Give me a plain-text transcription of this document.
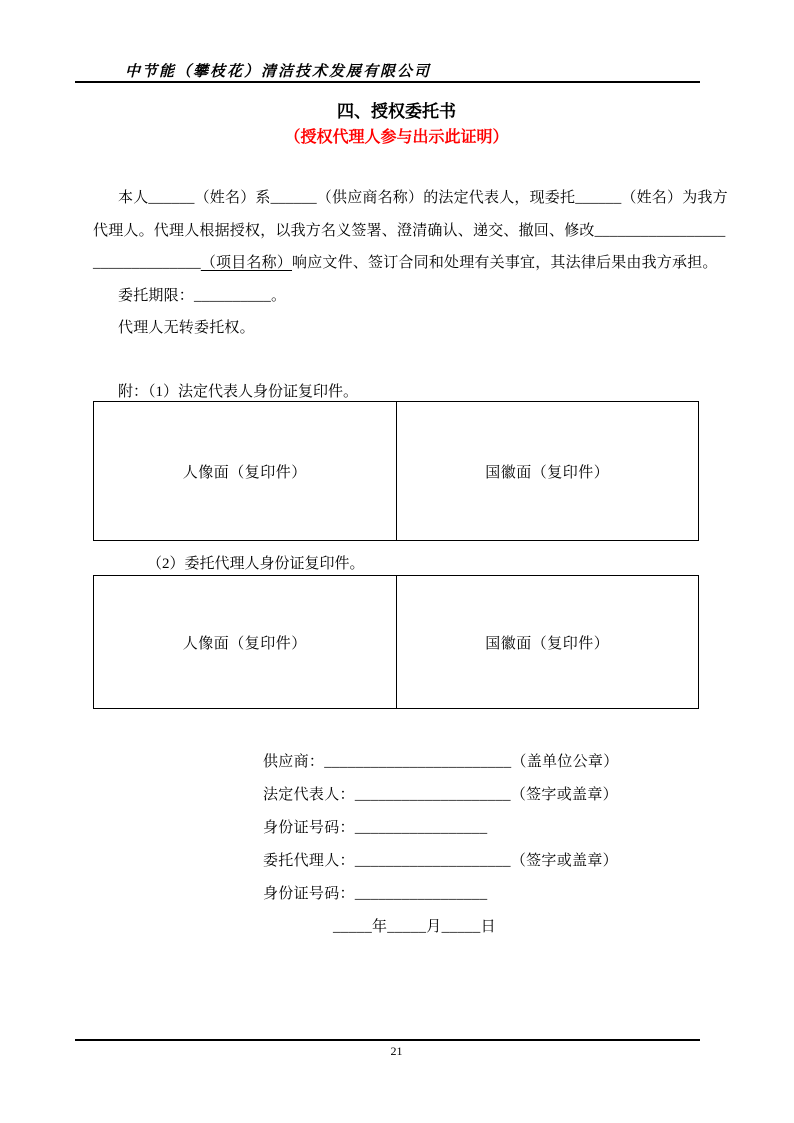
中节能（攀枝花）清洁技术发展有限公司
四、授权委托书
（授权代理人参与出示此证明）
本人______（姓名）系______（供应商名称）的法定代表人，现委托______（姓名）为我方
代理人。代理人根据授权，以我方名义签署、澄清确认、递交、撤回、修改_________________
______________（项目名称）响应文件、签订合同和处理有关事宜，其法律后果由我方承担。
委托期限：__________。
代理人无转委托权。
附：（1）法定代表人身份证复印件。
人像面（复印件）	国徽面（复印件）
（2）委托代理人身份证复印件。
人像面（复印件）	国徽面（复印件）
供应商：________________________（盖单位公章）
法定代表人：____________________（签字或盖章）
身份证号码：_________________
委托代理人：____________________（签字或盖章）
身份证号码：_________________
_____年_____月_____日
21
